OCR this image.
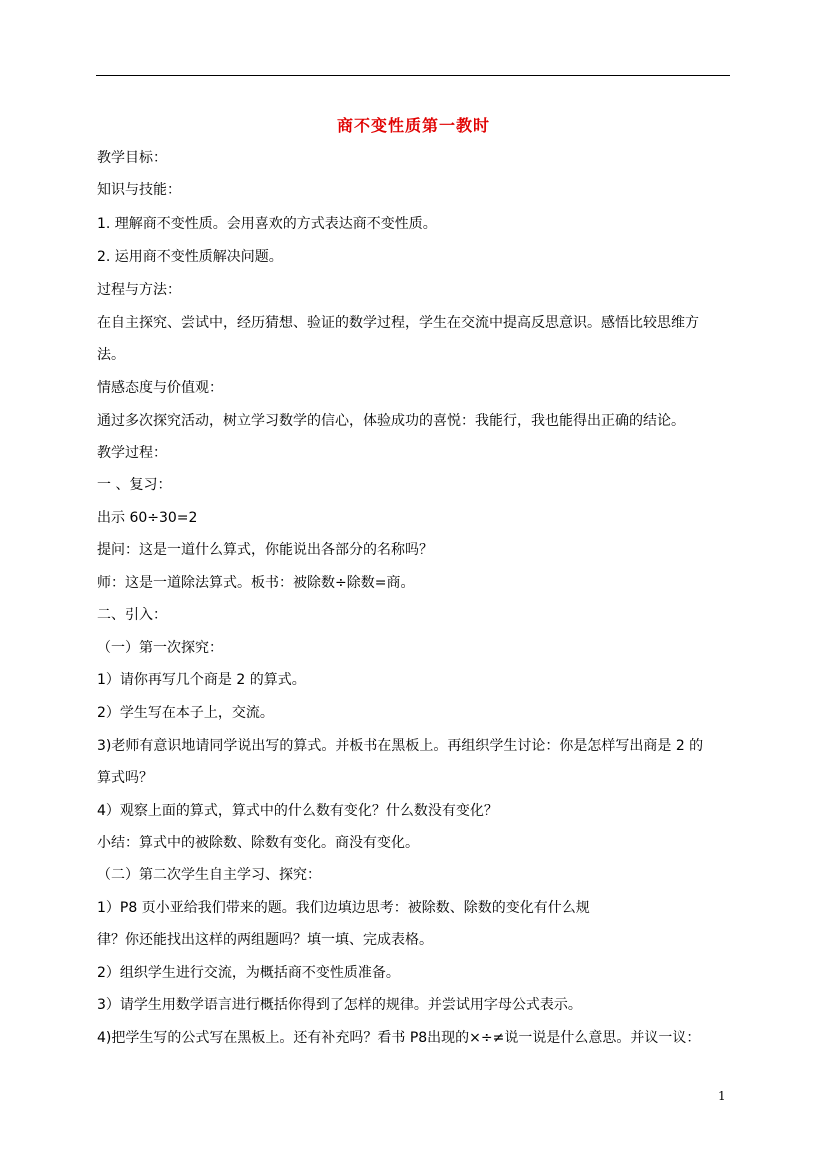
商不变性质第一教时
教学目标：
知识与技能：
1. 理解商不变性质。会用喜欢的方式表达商不变性质。
2. 运用商不变性质解决问题。
过程与方法：
在自主探究、尝试中，经历猜想、验证的数学过程，学生在交流中提高反思意识。感悟比较思维方
法。
情感态度与价值观：
通过多次探究活动，树立学习数学的信心，体验成功的喜悦：我能行，我也能得出正确的结论。
教学过程：
一 、复习：
出示 60÷30=2
提问：这是一道什么算式，你能说出各部分的名称吗？
师：这是一道除法算式。板书：被除数÷除数=商。
二、引入：
（一）第一次探究：
1）请你再写几个商是 2 的算式。
2）学生写在本子上，交流。
3)老师有意识地请同学说出写的算式。并板书在黑板上。再组织学生讨论：你是怎样写出商是 2 的
算式吗？
4）观察上面的算式，算式中的什么数有变化？什么数没有变化？
小结：算式中的被除数、除数有变化。商没有变化。
（二）第二次学生自主学习、探究：
1）P8 页小亚给我们带来的题。我们边填边思考：被除数、除数的变化有什么规
律？你还能找出这样的两组题吗？填一填、完成表格。
2）组织学生进行交流，为概括商不变性质准备。
3）请学生用数学语言进行概括你得到了怎样的规律。并尝试用字母公式表示。
4)把学生写的公式写在黑板上。还有补充吗？看书 P8出现的×÷≠说一说是什么意思。并议一议：
1
